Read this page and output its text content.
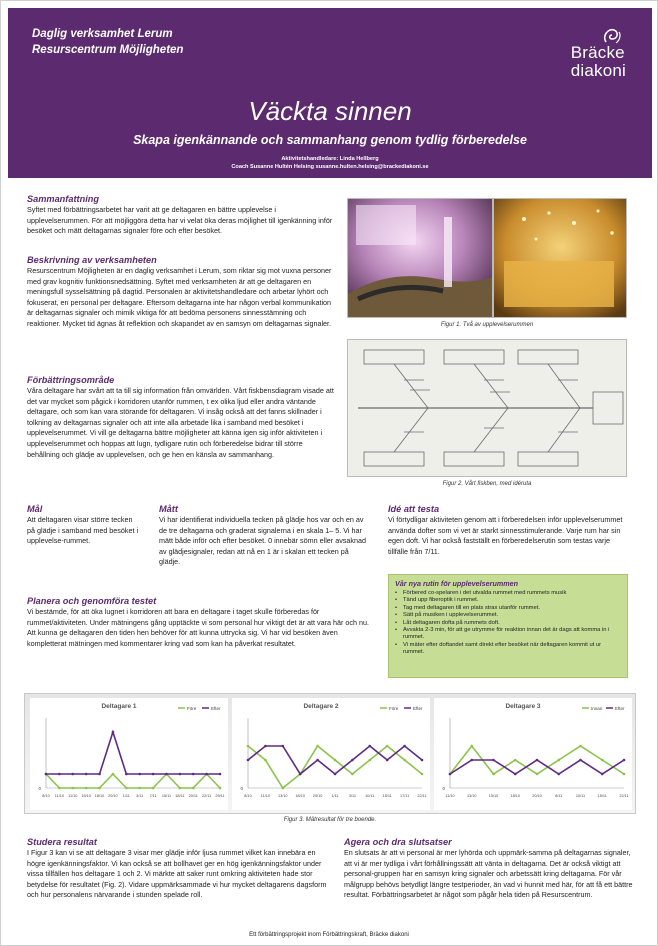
Daglig verksamhet Lerum
Resurscentrum Möjligheten	Bräcke
diakoni
Väckta sinnen
Skapa igenkännande och sammanhang genom tydlig förberedelse
Aktivitetshandledare: Linda Hellberg
Coach Susanne Hultén Helsing susanne.hulten.helsing@brackediakoni.se
Sammanfattning
Syftet med förbättringsarbetet har varit att ge deltagaren en bättre upplevelse i upplevelserummen. För att möjliggöra detta har vi velat öka deras möjlighet till igenkänning inför besöket och mätt deltagarnas signaler före och efter besöket.
Beskrivning av verksamheten
Resurscentrum Möjligheten är en daglig verksamhet i Lerum, som riktar sig mot vuxna personer med grav kognitiv funktionsnedsättning. Syftet med verksamheten är att ge deltagaren en meningsfull sysselsättning på dagtid. Personalen är aktivitetshandledare och arbetar lyhört och fokuserat, en personal per deltagare. Eftersom deltagarna inte har någon verbal kommunikation är deltagarnas signaler och mimik viktiga för att bedöma personens sinnesstämning och reaktioner. Mycket tid ägnas åt reflektion och skapandet av en samsyn om deltagarnas signaler.
Förbättringsområde
Våra deltagare har svårt att ta till sig information från omvärlden. Vårt fiskbensdiagram visade att det var mycket som pågick i korridoren utanför rummen, t ex olika ljud eller andra väntande deltagare, och som kan vara störande för deltagaren. Vi insåg också att det fanns skillnader i tolkning av deltagarnas signaler och att inte alla arbetade lika i samband med besöket i upplevelserummet. Vi vill ge deltagarna bättre möjligheter att känna igen sig inför aktiviteten i upplevelserummet och hoppas att lugn, tydligare rutin och förberedelse bidrar till större behållning och glädje av upplevelsen, och ge hen en känsla av sammanhang.
Mål
Att deltagaren visar större tecken på glädje i samband med besöket i upplevelse-rummet.
Mått
Vi har identifierat individuella tecken på glädje hos var och en av de tre deltagarna och graderat signalerna i en skala 1– 5. Vi har mätt både inför och efter besöket. 0 innebär sömn eller avsaknad av glädjesignaler, redan att nå en 1 är i skalan ett tecken på glädje.
Planera och genomföra testet
Vi bestämde, för att öka lugnet i korridoren att bara en deltagare i taget skulle förberedas för rummet/aktiviteten. Under mätningens gång upptäckte vi som personal hur viktigt det är att vara här och nu. Att kunna ge deltagaren den tiden hen behöver för att kunna uttrycka sig. Vi har vid besöken även kompletterat mätningen med kommentarer kring vad som kan ha påverkat resultatet.
Figur 1. Två av upplevelserummen
Figur 2. Vårt fiskben, med idéruta
Idé att testa
Vi förtydligar aktiviteten genom att i förberedelsen inför upplevelserummet använda dofter som vi vet är starkt sinnesstimulerande. Varje rum har sin egen doft. Vi har också fastställt en förberedelserutin som testas varje tillfälle från 7/11.
Vår nya rutin för upplevelserummen
• Förbered co-spelaren i det utvalda rummet med rummets musik
• Tänd upp fiberoptik i rummet.
• Tag med deltagaren till en plats strax utanför rummet.
• Sätt på musiken i upplevelserummet.
• Låt deltagaren dofta på rummets doft.
• Avvakta 2-3 min, för att ge utrymme för reaktion innan det är dags att komma in i rummet.
• Vi mäter efter doftandet samt direkt efter besöket när deltagaren kommit ut ur rummet.
Deltagare 1	Före	Efter
0
8/10 11/10 11/10 15/10 18/10 20/10 1/11 3/11 7/11 15/11 18/11 20/11 22/11 29/11
Deltagare 2	Före	Efter
0
8/10 11/10 13/10 18/10 20/10 1/11	3/11 10/11 15/11 17/11 22/11
Deltagare 3	Innan	Efter
0
11/10	13/10	15/10	18/10	20/10	8/11	10/11	15/11	22/11
Figur 3. Mätresultat för tre boende.
Studera resultat
I Figur 3 kan vi se att deltagare 3 visar mer glädje inför ljusa rummet vilket kan innebära en högre igenkänningsfaktor. Vi kan också se att bollhavet ger en hög igenkänningsfaktor under vissa tillfällen hos deltagare 1 och 2. Vi märkte att saker runt omkring aktiviteten hade stor betydelse för resultatet (Fig. 2). Vidare uppmärksammade vi hur mycket deltagarens dagsform och hur personalens närvarande i stunden spelade roll.
Agera och dra slutsatser
En slutsats är att vi personal är mer lyhörda och uppmärk-samma på deltagarnas signaler, att vi är mer tydliga i vårt förhållningssätt att vänta in deltagarna. Det är också viktigt att personal-gruppen har en samsyn kring signaler och arbetssätt kring deltagarna. För vår målgrupp behövs betydligt längre testperioder, än vad vi hunnit med här, för att få ett bättre resultat. Förbättringsarbetet är något som pågår hela tiden på Resurscentrum.
Ett förbättringsprojekt inom Förbättringskraft, Bräcke diakoni
